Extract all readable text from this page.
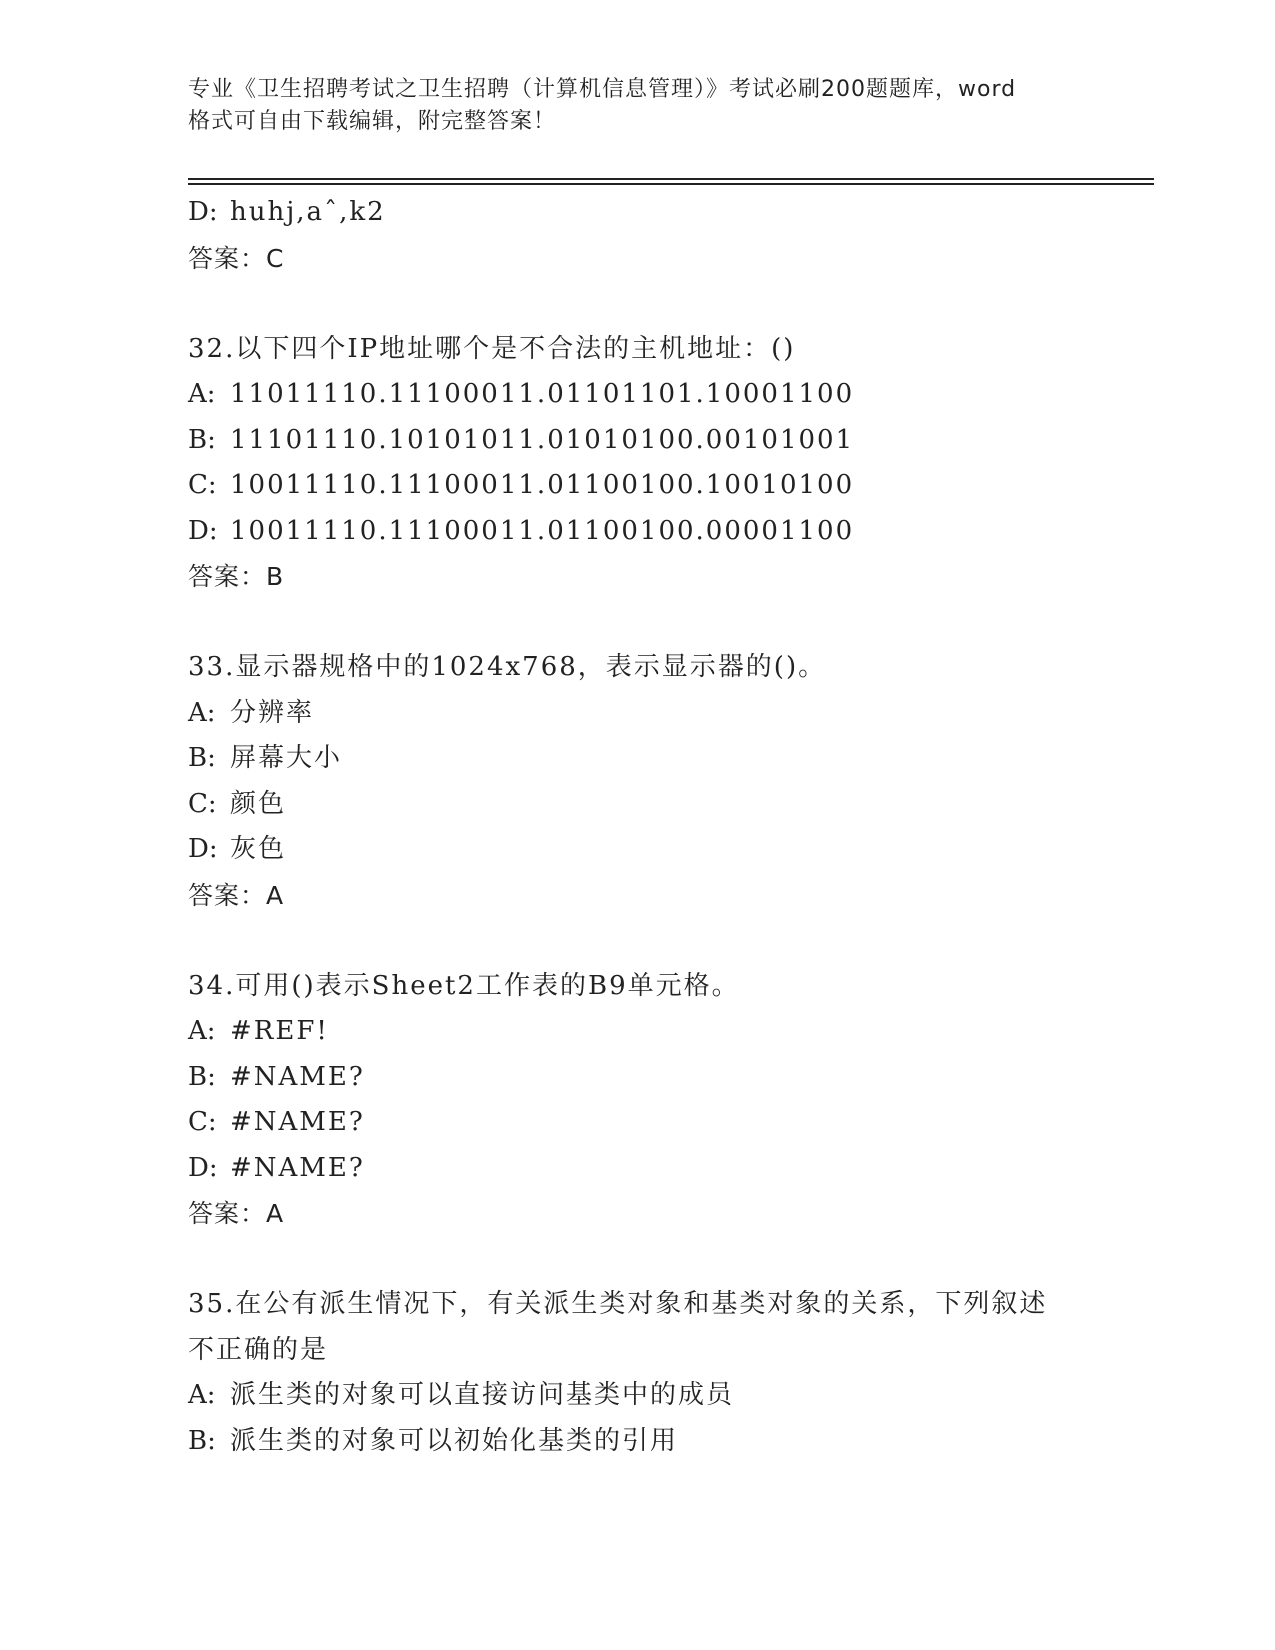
专业《卫生招聘考试之卫生招聘（计算机信息管理）》考试必刷200题题库，word
格式可自由下载编辑，附完整答案！
D: huhj,aˆ,k2
答案：C
32.以下四个IP地址哪个是不合法的主机地址：()
A: 11011110.11100011.01101101.10001100
B: 11101110.10101011.01010100.00101001
C: 10011110.11100011.01100100.10010100
D: 10011110.11100011.01100100.00001100
答案：B
33.显示器规格中的1024x768，表示显示器的()。
A: 分辨率
B: 屏幕大小
C: 颜色
D: 灰色
答案：A
34.可用()表示Sheet2工作表的B9单元格。
A: #REF!
B: #NAME?
C: #NAME?
D: #NAME?
答案：A
35.在公有派生情况下，有关派生类对象和基类对象的关系，下列叙述
不正确的是
A: 派生类的对象可以直接访问基类中的成员
B: 派生类的对象可以初始化基类的引用
